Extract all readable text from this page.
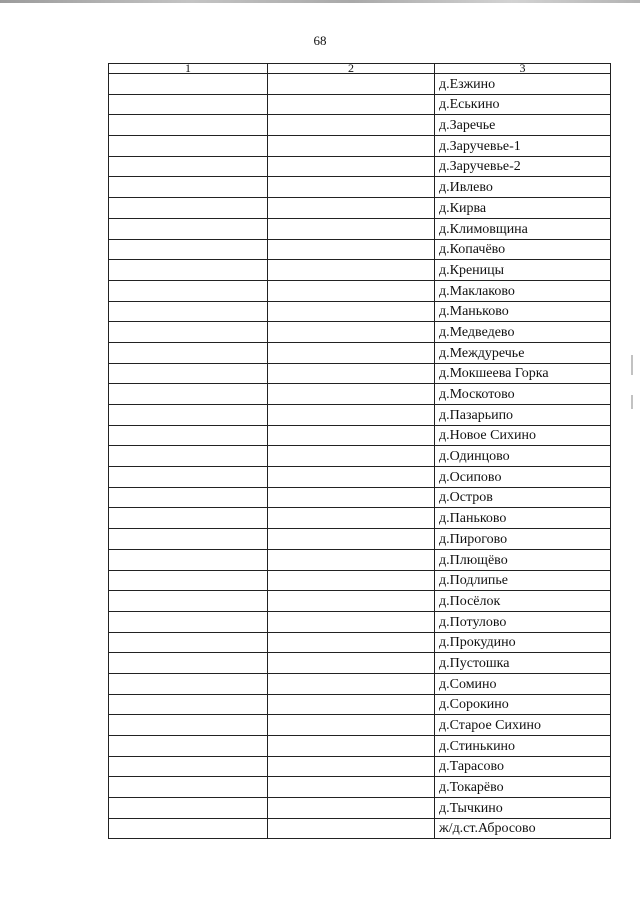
68
1	2	3
		д.Езжино
		д.Еськино
		д.Заречье
		д.Заручевье-1
		д.Заручевье-2
		д.Ивлево
		д.Кирва
		д.Климовщина
		д.Копачёво
		д.Креницы
		д.Маклаково
		д.Маньково
		д.Медведево
		д.Междуречье
		д.Мокшеева Горка
		д.Москотово
		д.Пазарьипо
		д.Новое Сихино
		д.Одинцово
		д.Осипово
		д.Остров
		д.Паньково
		д.Пирогово
		д.Плющёво
		д.Подлипье
		д.Посёлок
		д.Потулово
		д.Прокудино
		д.Пустошка
		д.Сомино
		д.Сорокино
		д.Старое Сихино
		д.Стинькино
		д.Тарасово
		д.Токарёво
		д.Тычкино
		ж/д.ст.Абросово
